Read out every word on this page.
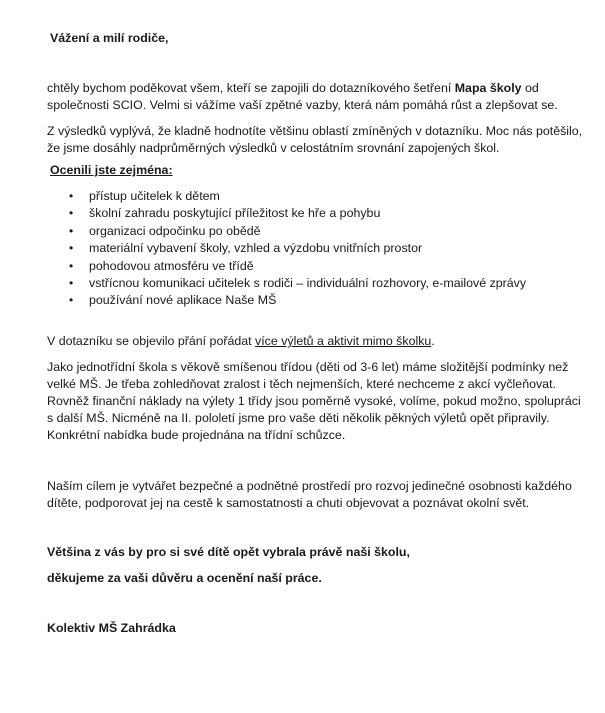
Vážení a milí rodiče,

chtěly bychom poděkovat všem, kteří se zapojili do dotazníkového šetření Mapa školy od společnosti SCIO. Velmi si vážíme vaší zpětné vazby, která nám pomáhá růst a zlepšovat se.

Z výsledků vyplývá, že kladně hodnotíte většinu oblastí zmíněných v dotazníku. Moc nás potěšilo, že jsme dosáhly nadprůměrných výsledků v celostátním srovnání zapojených škol.

Ocenili jste zejména:

• přístup učitelek k dětem
• školní zahradu poskytující příležitost ke hře a pohybu
• organizaci odpočinku po obědě
• materiální vybavení školy, vzhled a výzdobu vnitřních prostor
• pohodovou atmosféru ve třídě
• vstřícnou komunikaci učitelek s rodiči – individuální rozhovory, e-mailové zprávy
• používání nové aplikace Naše MŠ

V dotazníku se objevilo přání pořádat více výletů a aktivit mimo školku.

Jako jednotřídní škola s věkově smíšenou třídou (děti od 3-6 let) máme složitější podmínky než velké MŠ. Je třeba zohledňovat zralost i těch nejmenších, které nechceme z akcí vyčleňovat. Rovněž finanční náklady na výlety 1 třídy jsou poměrně vysoké, volíme, pokud možno, spolupráci s další MŠ. Nicméně na II. pololetí jsme pro vaše děti několik pěkných výletů opět připravily. Konkrétní nabídka bude projednána na třídní schůzce.

Naším cílem je vytvářet bezpečné a podnětné prostředí pro rozvoj jedinečné osobnosti každého dítěte, podporovat jej na cestě k samostatnosti a chuti objevovat a poznávat okolní svět.

Většina z vás by pro si své dítě opět vybrala právě naši školu,

děkujeme za vaši důvěru a ocenění naší práce.

Kolektiv MŠ Zahrádka
